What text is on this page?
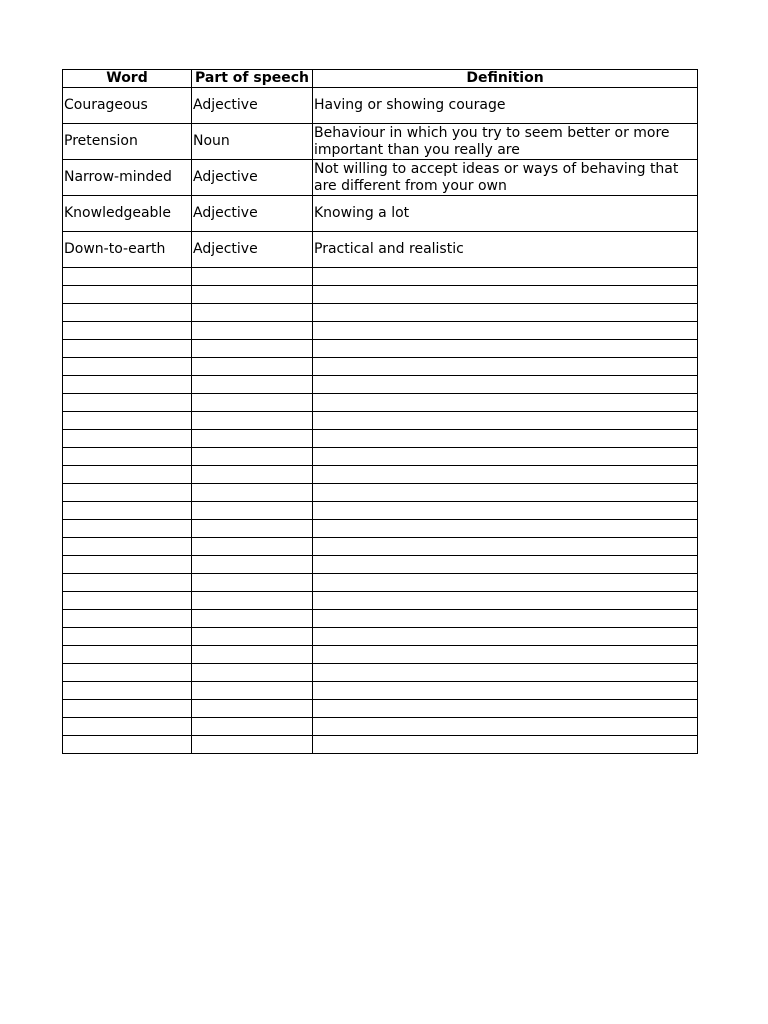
Word	Part of speech	Definition
Courageous	Adjective	Having or showing courage
Pretension	Noun	Behaviour in which you try to seem better or more important than you really are
Narrow-minded	Adjective	Not willing to accept ideas or ways of behaving that are different from your own
Knowledgeable	Adjective	Knowing a lot
Down-to-earth	Adjective	Practical and realistic
